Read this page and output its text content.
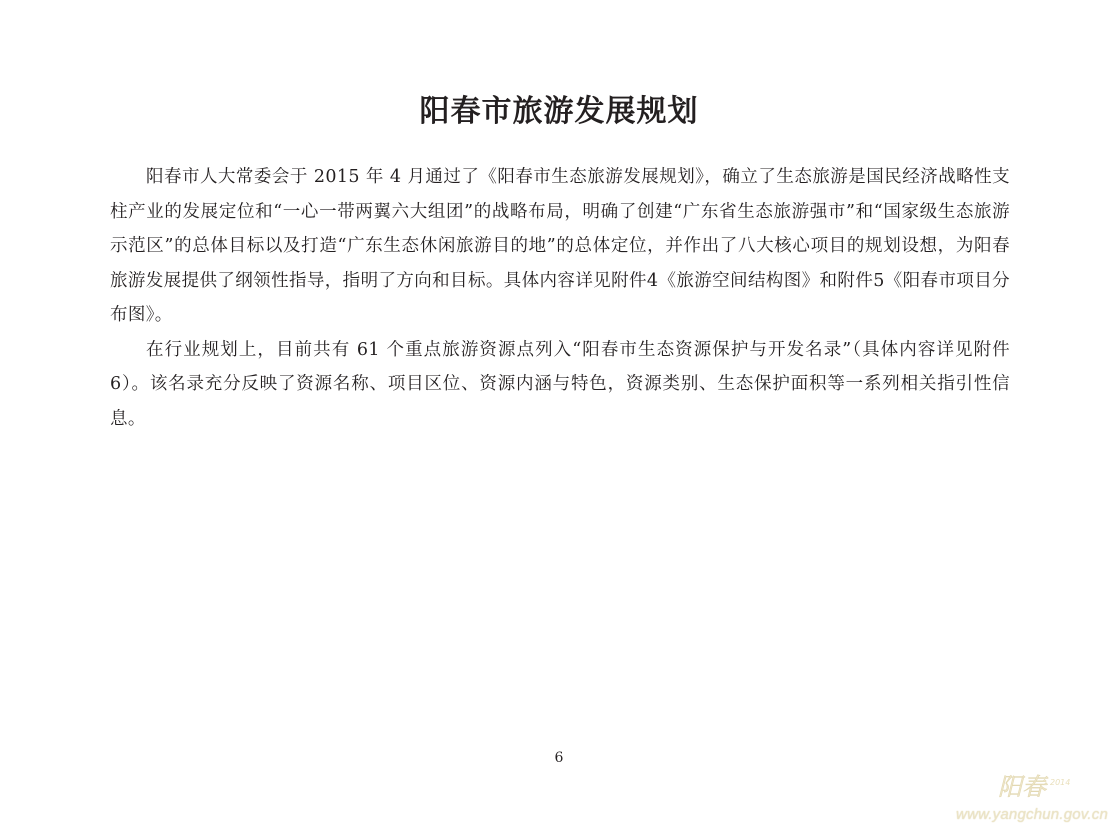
阳春市旅游发展规划

阳春市人大常委会于 2015 年 4 月通过了《阳春市生态旅游发展规划》，确立了生态旅游是国民经济战略性支柱产业的发展定位和“一心一带两翼六大组团”的战略布局，明确了创建“广东省生态旅游强市”和“国家级生态旅游示范区”的总体目标以及打造“广东生态休闲旅游目的地”的总体定位，并作出了八大核心项目的规划设想，为阳春旅游发展提供了纲领性指导，指明了方向和目标。具体内容详见附件4《旅游空间结构图》和附件5《阳春市项目分布图》。

在行业规划上，目前共有 61 个重点旅游资源点列入“阳春市生态资源保护与开发名录”（具体内容详见附件6）。该名录充分反映了资源名称、项目区位、资源内涵与特色，资源类别、生态保护面积等一系列相关指引性信息。

6
阳春 2014
www.yangchun.gov.cn
